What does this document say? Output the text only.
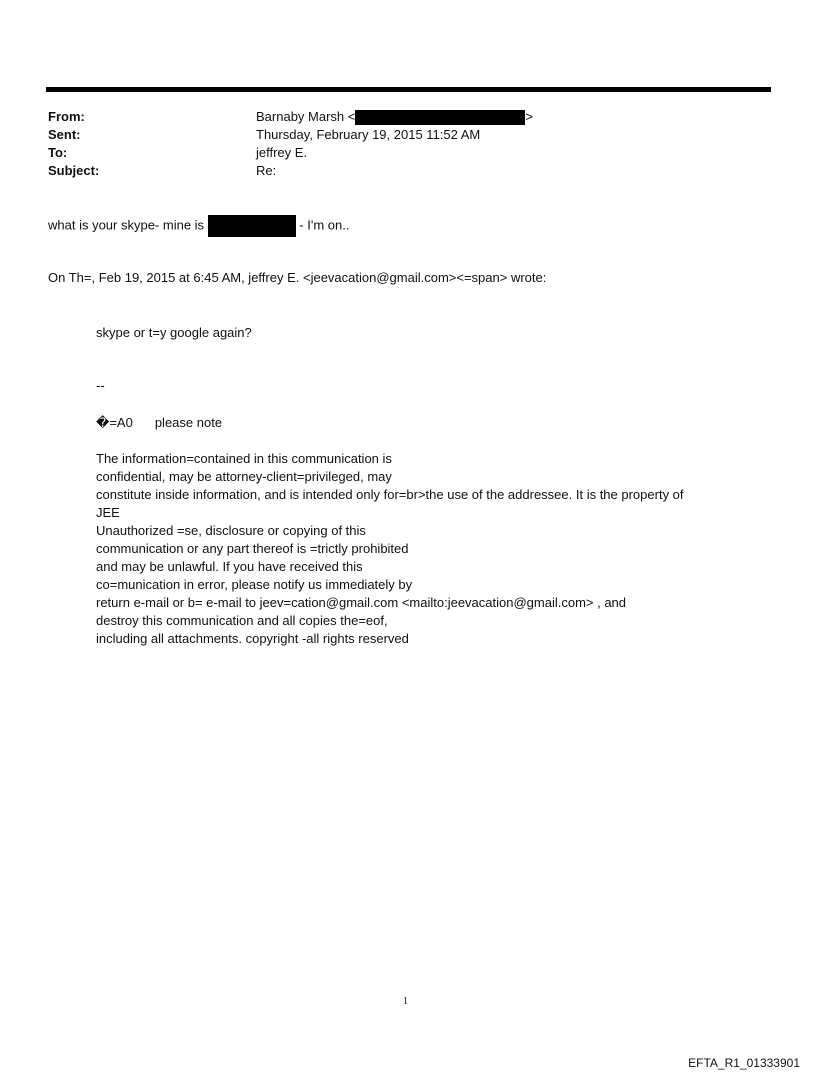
From:	Barnaby Marsh <	>
Sent:	Thursday, February 19, 2015 11:52 AM
To:	jeffrey E.
Subject:	Re:
what is your skype- mine is	- I'm on..
On Th=, Feb 19, 2015 at 6:45 AM, jeffrey E. <jeevacation@gmail.com><=span> wrote:
skype or t=y google again?
--
�=A0 please note
The information=contained in this communication is
confidential, may be attorney-client=privileged, may
constitute inside information, and is intended only for=br>the use of the addressee. It is the property of
JEE
Unauthorized =se, disclosure or copying of this
communication or any part thereof is =trictly prohibited
and may be unlawful. If you have received this
co=munication in error, please notify us immediately by
return e-mail or b= e-mail to jeev=cation@gmail.com <mailto:jeevacation@gmail.com> , and
destroy this communication and all copies the=eof,
including all attachments. copyright -all rights reserved
1
EFTA_R1_01333901
